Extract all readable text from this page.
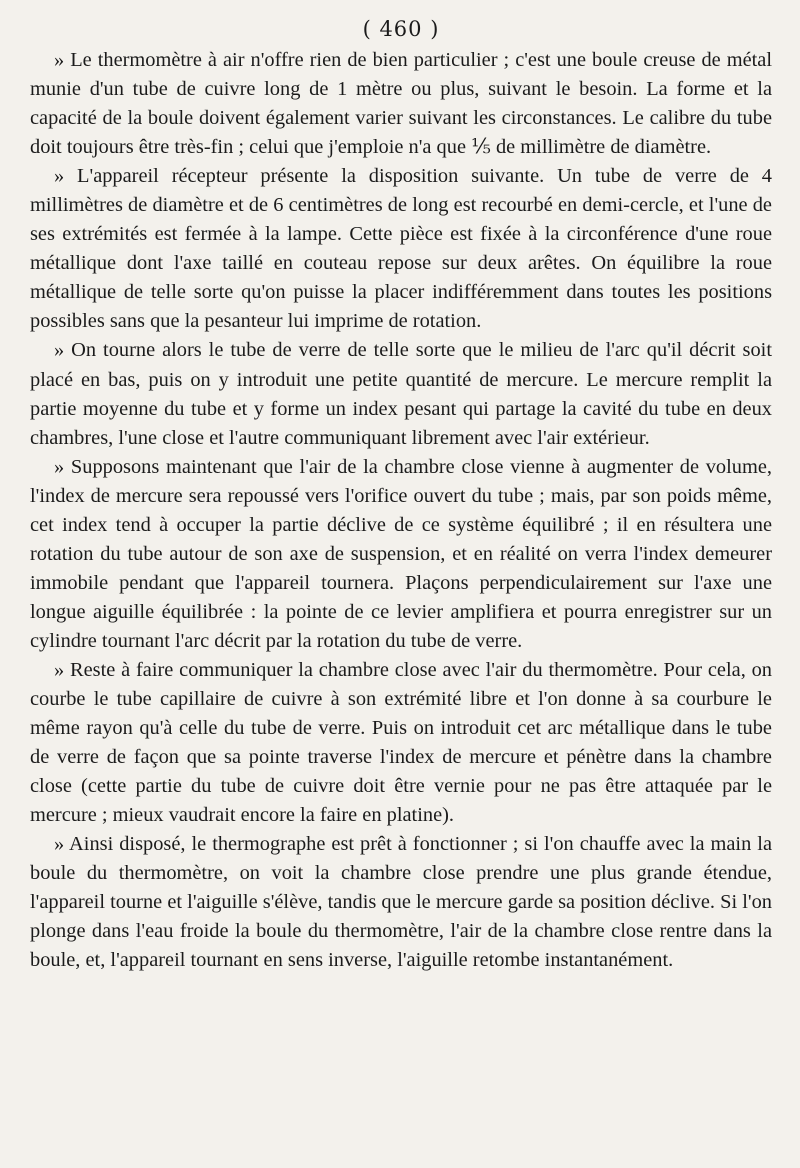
( 460 )

» Le thermomètre à air n'offre rien de bien particulier ; c'est une boule creuse de métal munie d'un tube de cuivre long de 1 mètre ou plus, suivant le besoin. La forme et la capacité de la boule doivent également varier suivant les circonstances. Le calibre du tube doit toujours être très-fin ; celui que j'emploie n'a que ⅕ de millimètre de diamètre.

» L'appareil récepteur présente la disposition suivante. Un tube de verre de 4 millimètres de diamètre et de 6 centimètres de long est recourbé en demi-cercle, et l'une de ses extrémités est fermée à la lampe. Cette pièce est fixée à la circonférence d'une roue métallique dont l'axe taillé en couteau repose sur deux arêtes. On équilibre la roue métallique de telle sorte qu'on puisse la placer indifféremment dans toutes les positions possibles sans que la pesanteur lui imprime de rotation.

» On tourne alors le tube de verre de telle sorte que le milieu de l'arc qu'il décrit soit placé en bas, puis on y introduit une petite quantité de mercure. Le mercure remplit la partie moyenne du tube et y forme un index pesant qui partage la cavité du tube en deux chambres, l'une close et l'autre communiquant librement avec l'air extérieur.

» Supposons maintenant que l'air de la chambre close vienne à augmenter de volume, l'index de mercure sera repoussé vers l'orifice ouvert du tube ; mais, par son poids même, cet index tend à occuper la partie déclive de ce système équilibré ; il en résultera une rotation du tube autour de son axe de suspension, et en réalité on verra l'index demeurer immobile pendant que l'appareil tournera. Plaçons perpendiculairement sur l'axe une longue aiguille équilibrée : la pointe de ce levier amplifiera et pourra enregistrer sur un cylindre tournant l'arc décrit par la rotation du tube de verre.

» Reste à faire communiquer la chambre close avec l'air du thermomètre. Pour cela, on courbe le tube capillaire de cuivre à son extrémité libre et l'on donne à sa courbure le même rayon qu'à celle du tube de verre. Puis on introduit cet arc métallique dans le tube de verre de façon que sa pointe traverse l'index de mercure et pénètre dans la chambre close (cette partie du tube de cuivre doit être vernie pour ne pas être attaquée par le mercure ; mieux vaudrait encore la faire en platine).

» Ainsi disposé, le thermographe est prêt à fonctionner ; si l'on chauffe avec la main la boule du thermomètre, on voit la chambre close prendre une plus grande étendue, l'appareil tourne et l'aiguille s'élève, tandis que le mercure garde sa position déclive. Si l'on plonge dans l'eau froide la boule du thermomètre, l'air de la chambre close rentre dans la boule, et, l'appareil tournant en sens inverse, l'aiguille retombe instantanément.
